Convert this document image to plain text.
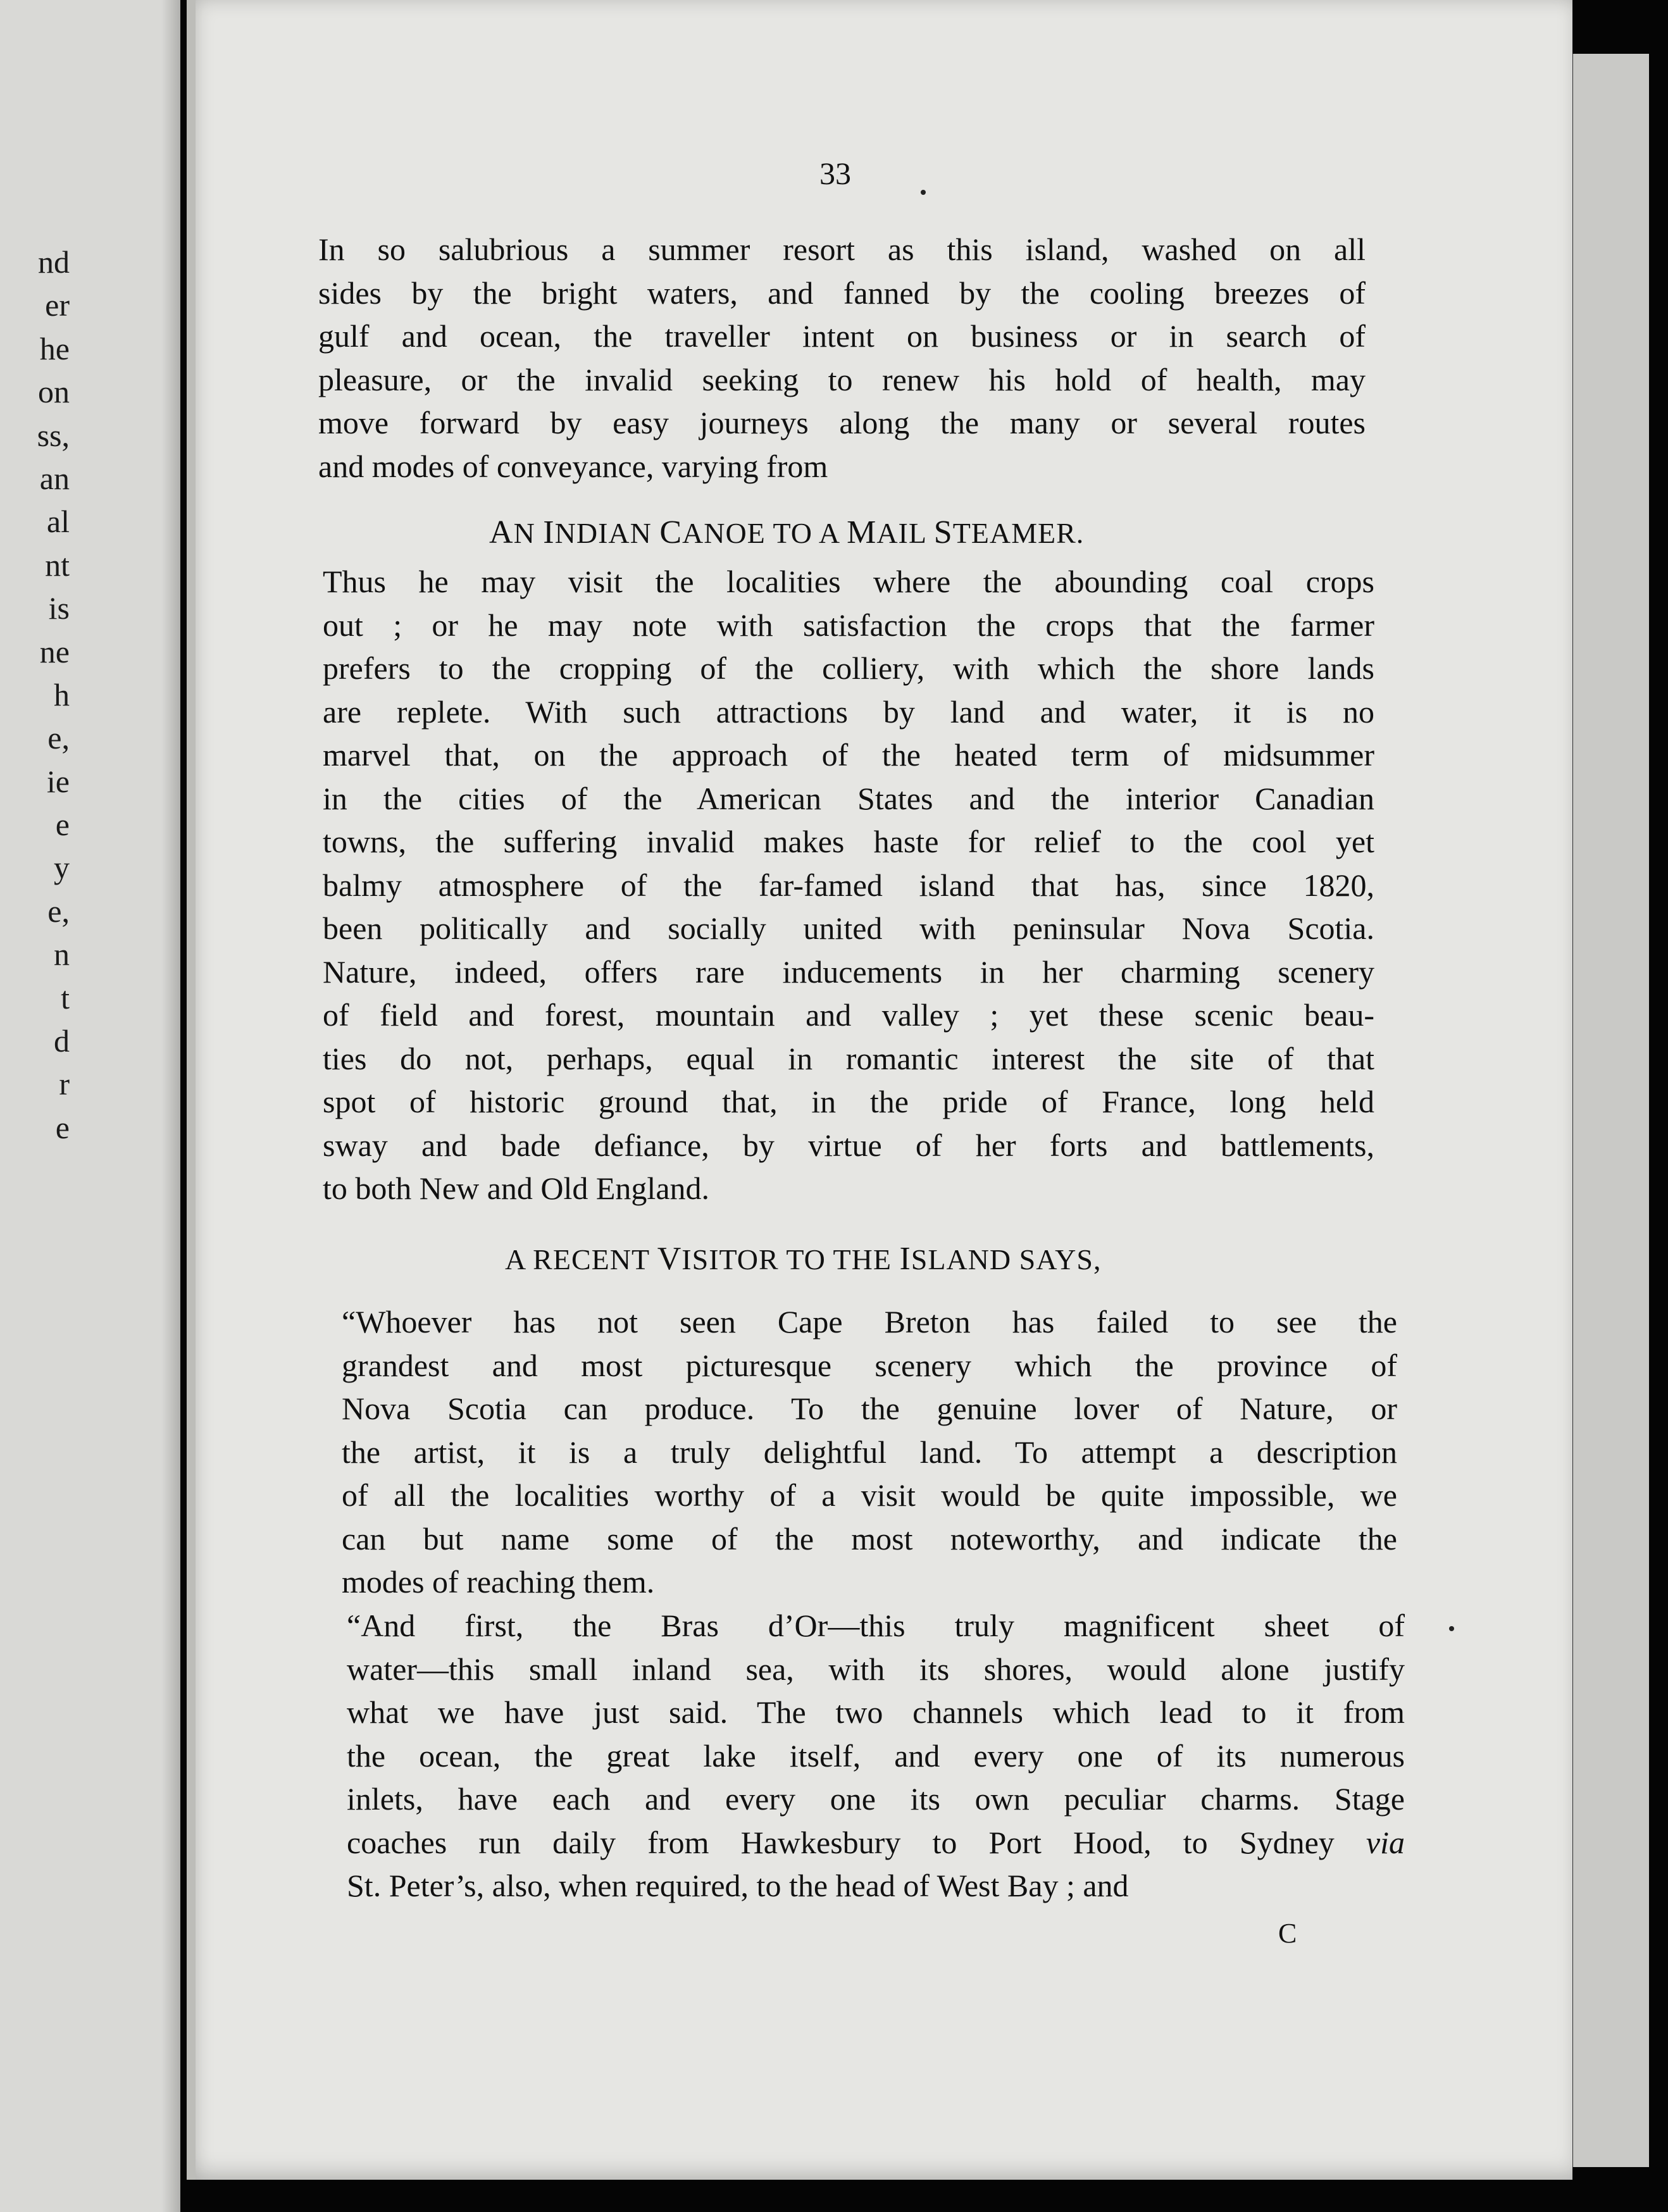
nd
er
he
on
ss,
an
al
nt
is
ne
h
e,
ie
e
y
e,
n
t
d
r
e
33
In so salubrious a summer resort as this island, washed on all
sides by the bright waters, and fanned by the cooling breezes of
gulf and ocean, the traveller intent on business or in search of
pleasure, or the invalid seeking to renew his hold of health, may
move forward by easy journeys along the many or several routes
and modes of conveyance, varying from
AN INDIAN CANOE TO A MAIL STEAMER.
Thus he may visit the localities where the abounding coal crops
out ; or he may note with satisfaction the crops that the farmer
prefers to the cropping of the colliery, with which the shore lands
are replete. With such attractions by land and water, it is no
marvel that, on the approach of the heated term of midsummer
in the cities of the American States and the interior Canadian
towns, the suffering invalid makes haste for relief to the cool yet
balmy atmosphere of the far-famed island that has, since 1820,
been politically and socially united with peninsular Nova Scotia.
Nature, indeed, offers rare inducements in her charming scenery
of field and forest, mountain and valley ; yet these scenic beau-
ties do not, perhaps, equal in romantic interest the site of that
spot of historic ground that, in the pride of France, long held
sway and bade defiance, by virtue of her forts and battlements,
to both New and Old England.
A RECENT VISITOR TO THE ISLAND SAYS,
“Whoever has not seen Cape Breton has failed to see the
grandest and most picturesque scenery which the province of
Nova Scotia can produce. To the genuine lover of Nature, or
the artist, it is a truly delightful land. To attempt a description
of all the localities worthy of a visit would be quite impossible, we
can but name some of the most noteworthy, and indicate the
modes of reaching them.
“And first, the Bras d’Or—this truly magnificent sheet of
water—this small inland sea, with its shores, would alone justify
what we have just said. The two channels which lead to it from
the ocean, the great lake itself, and every one of its numerous
inlets, have each and every one its own peculiar charms. Stage
coaches run daily from Hawkesbury to Port Hood, to Sydney via
St. Peter’s, also, when required, to the head of West Bay ; and
C
